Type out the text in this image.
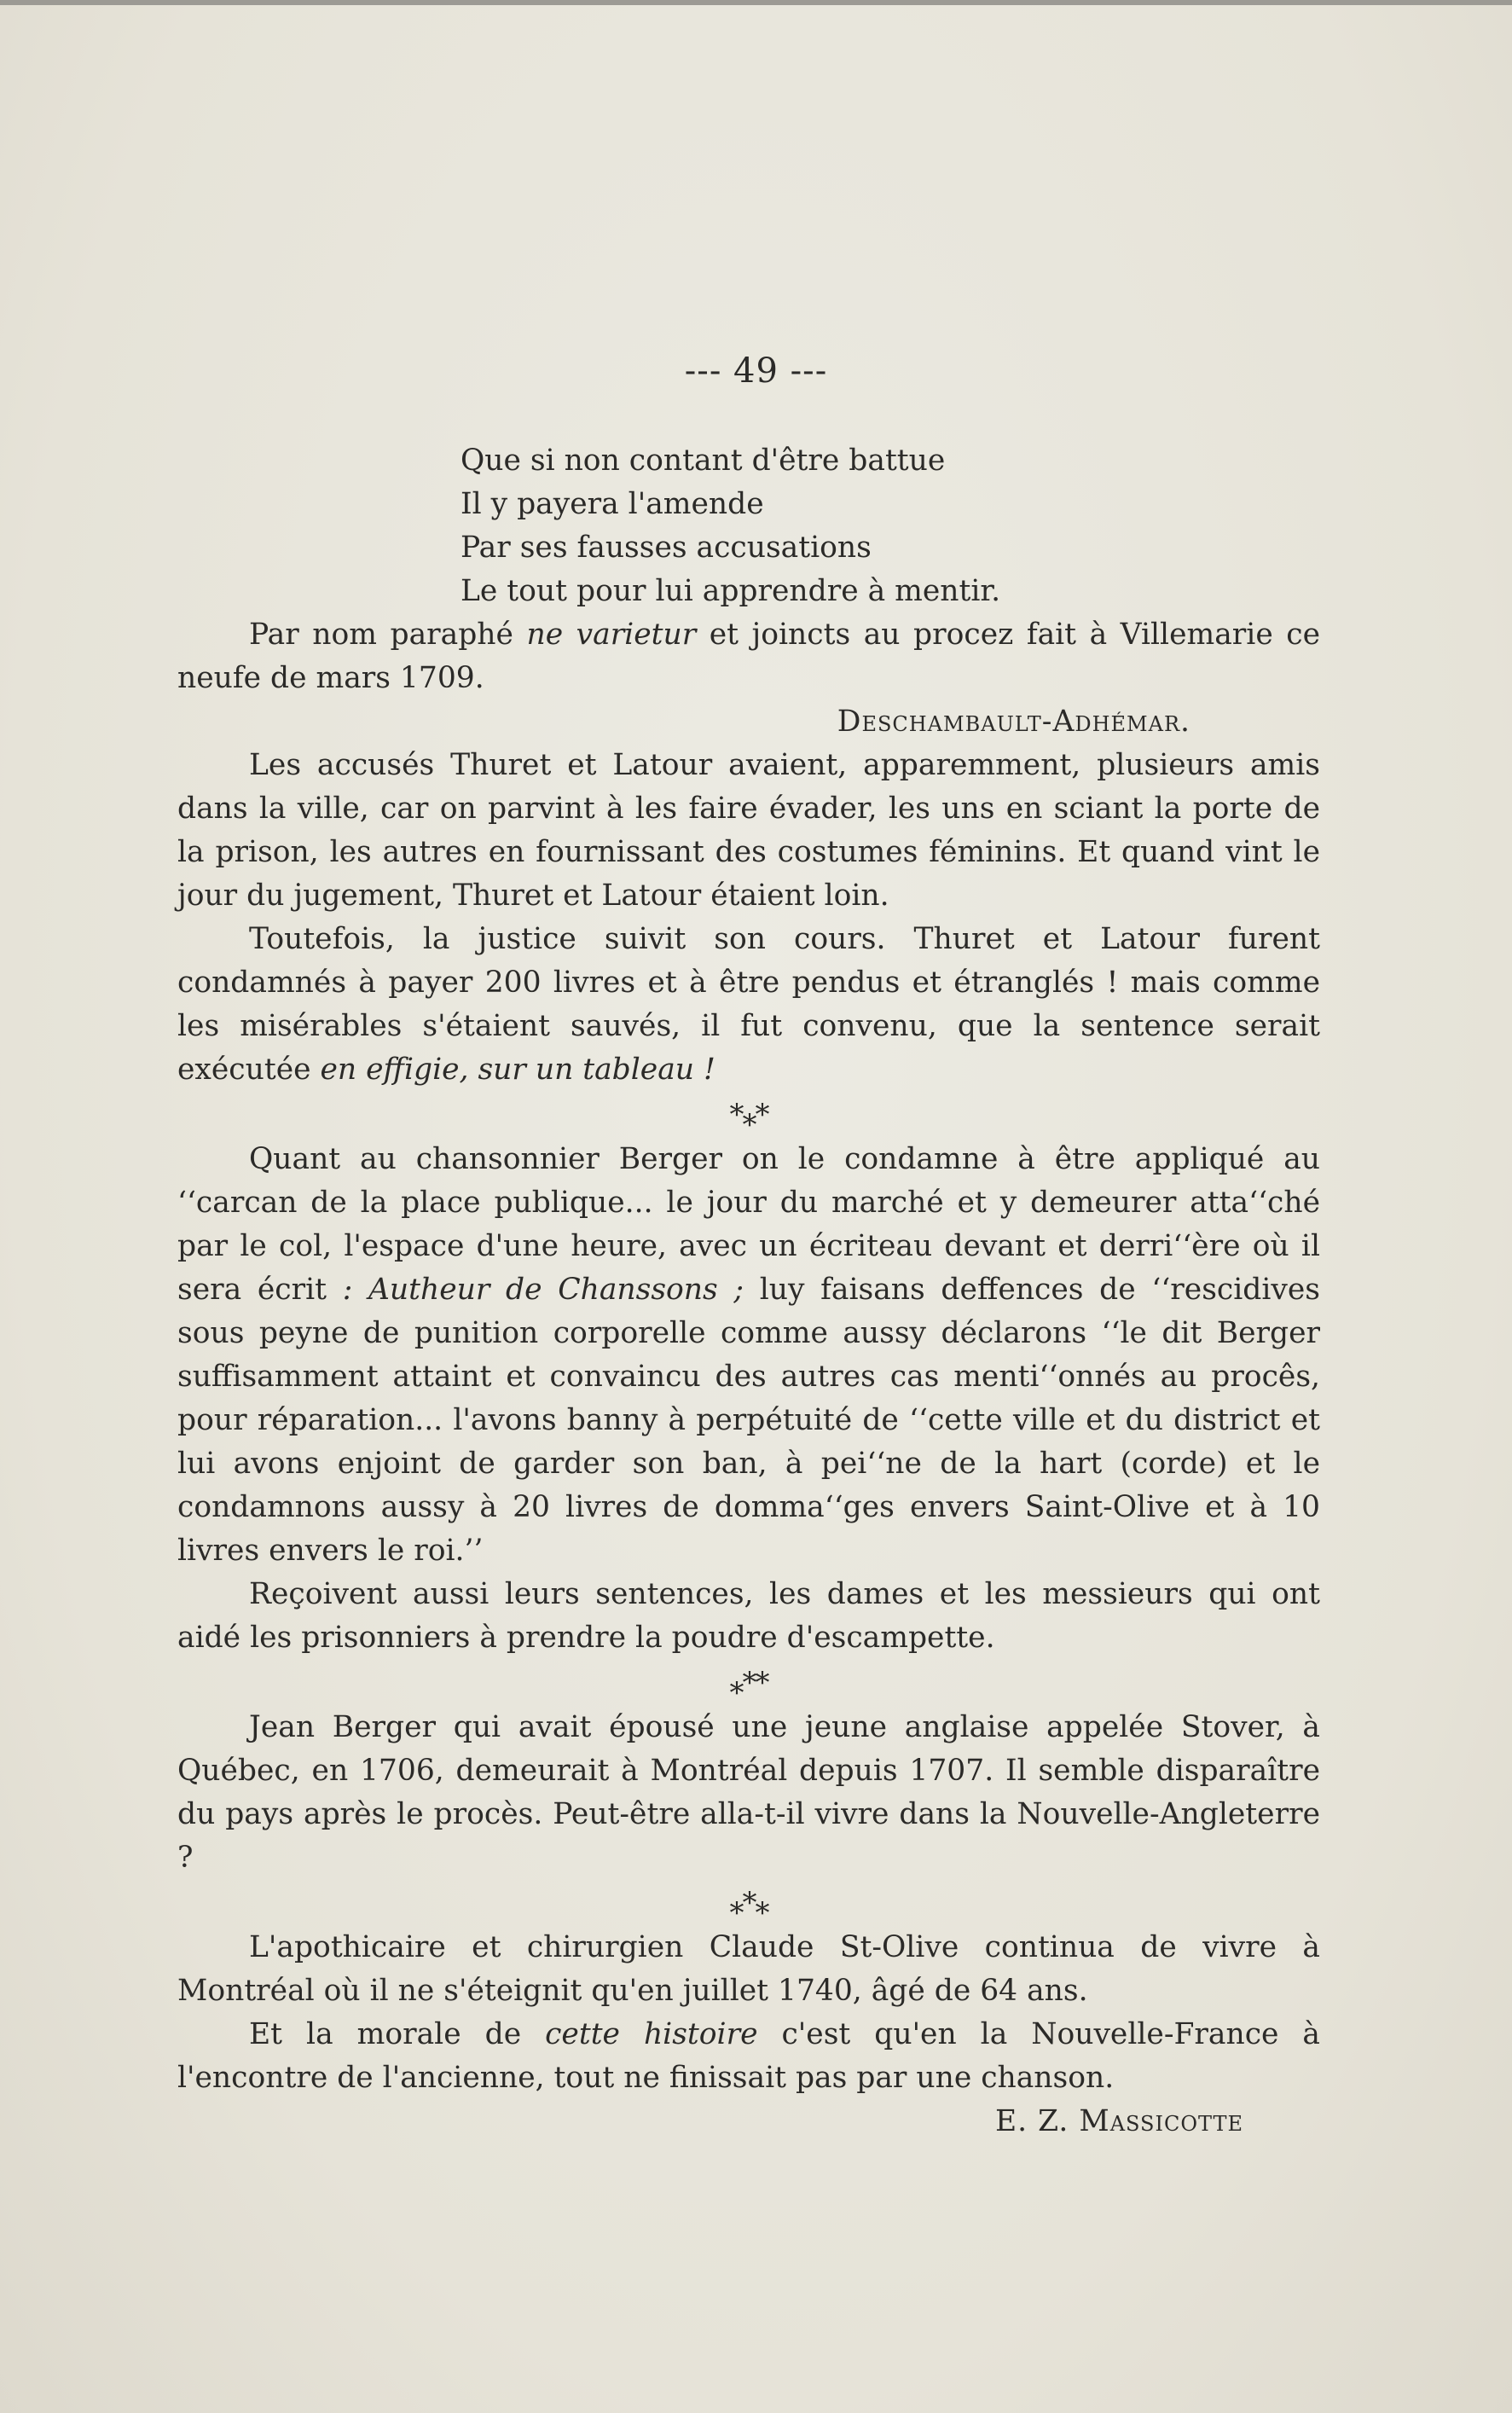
--- 49 ---
Que si non contant d'être battue
Il y payera l'amende
Par ses fausses accusations
Le tout pour lui apprendre à mentir.

Par nom paraphé ne varietur et joincts au procez fait à Villemarie ce neufe de mars 1709.

Deschambault-Adhémar.

Les accusés Thuret et Latour avaient, apparemment, plusieurs amis dans la ville, car on parvint à les faire évader, les uns en sciant la porte de la prison, les autres en fournissant des costumes féminins. Et quand vint le jour du jugement, Thuret et Latour étaient loin.

Toutefois, la justice suivit son cours. Thuret et Latour furent condamnés à payer 200 livres et à être pendus et étranglés ! mais comme les misérables s'étaient sauvés, il fut convenu, que la sentence serait exécutée en effigie, sur un tableau !

***

Quant au chansonnier Berger on le condamne à être appliqué au ‘‘carcan de la place publique... le jour du marché et y demeurer atta‘‘ché par le col, l'espace d'une heure, avec un écriteau devant et derri‘‘ère où il sera écrit : Autheur de Chanssons ; luy faisans deffences de ‘‘rescidives sous peyne de punition corporelle comme aussy déclarons ‘‘le dit Berger suffisamment attaint et convaincu des autres cas menti‘‘onnés au procês, pour réparation... l'avons banny à perpétuité de ‘‘cette ville et du district et lui avons enjoint de garder son ban, à pei‘‘ne de la hart (corde) et le condamnons aussy à 20 livres de domma‘‘ges envers Saint-Olive et à 10 livres envers le roi.’’

Reçoivent aussi leurs sentences, les dames et les messieurs qui ont aidé les prisonniers à prendre la poudre d'escampette.

***

Jean Berger qui avait épousé une jeune anglaise appelée Stover, à Québec, en 1706, demeurait à Montréal depuis 1707. Il semble disparaître du pays après le procès. Peut-être alla-t-il vivre dans la Nouvelle-Angleterre ?

***

L'apothicaire et chirurgien Claude St-Olive continua de vivre à Montréal où il ne s'éteignit qu'en juillet 1740, âgé de 64 ans.

Et la morale de cette histoire c'est qu'en la Nouvelle-France à l'encontre de l'ancienne, tout ne finissait pas par une chanson.

E. Z. Massicotte
